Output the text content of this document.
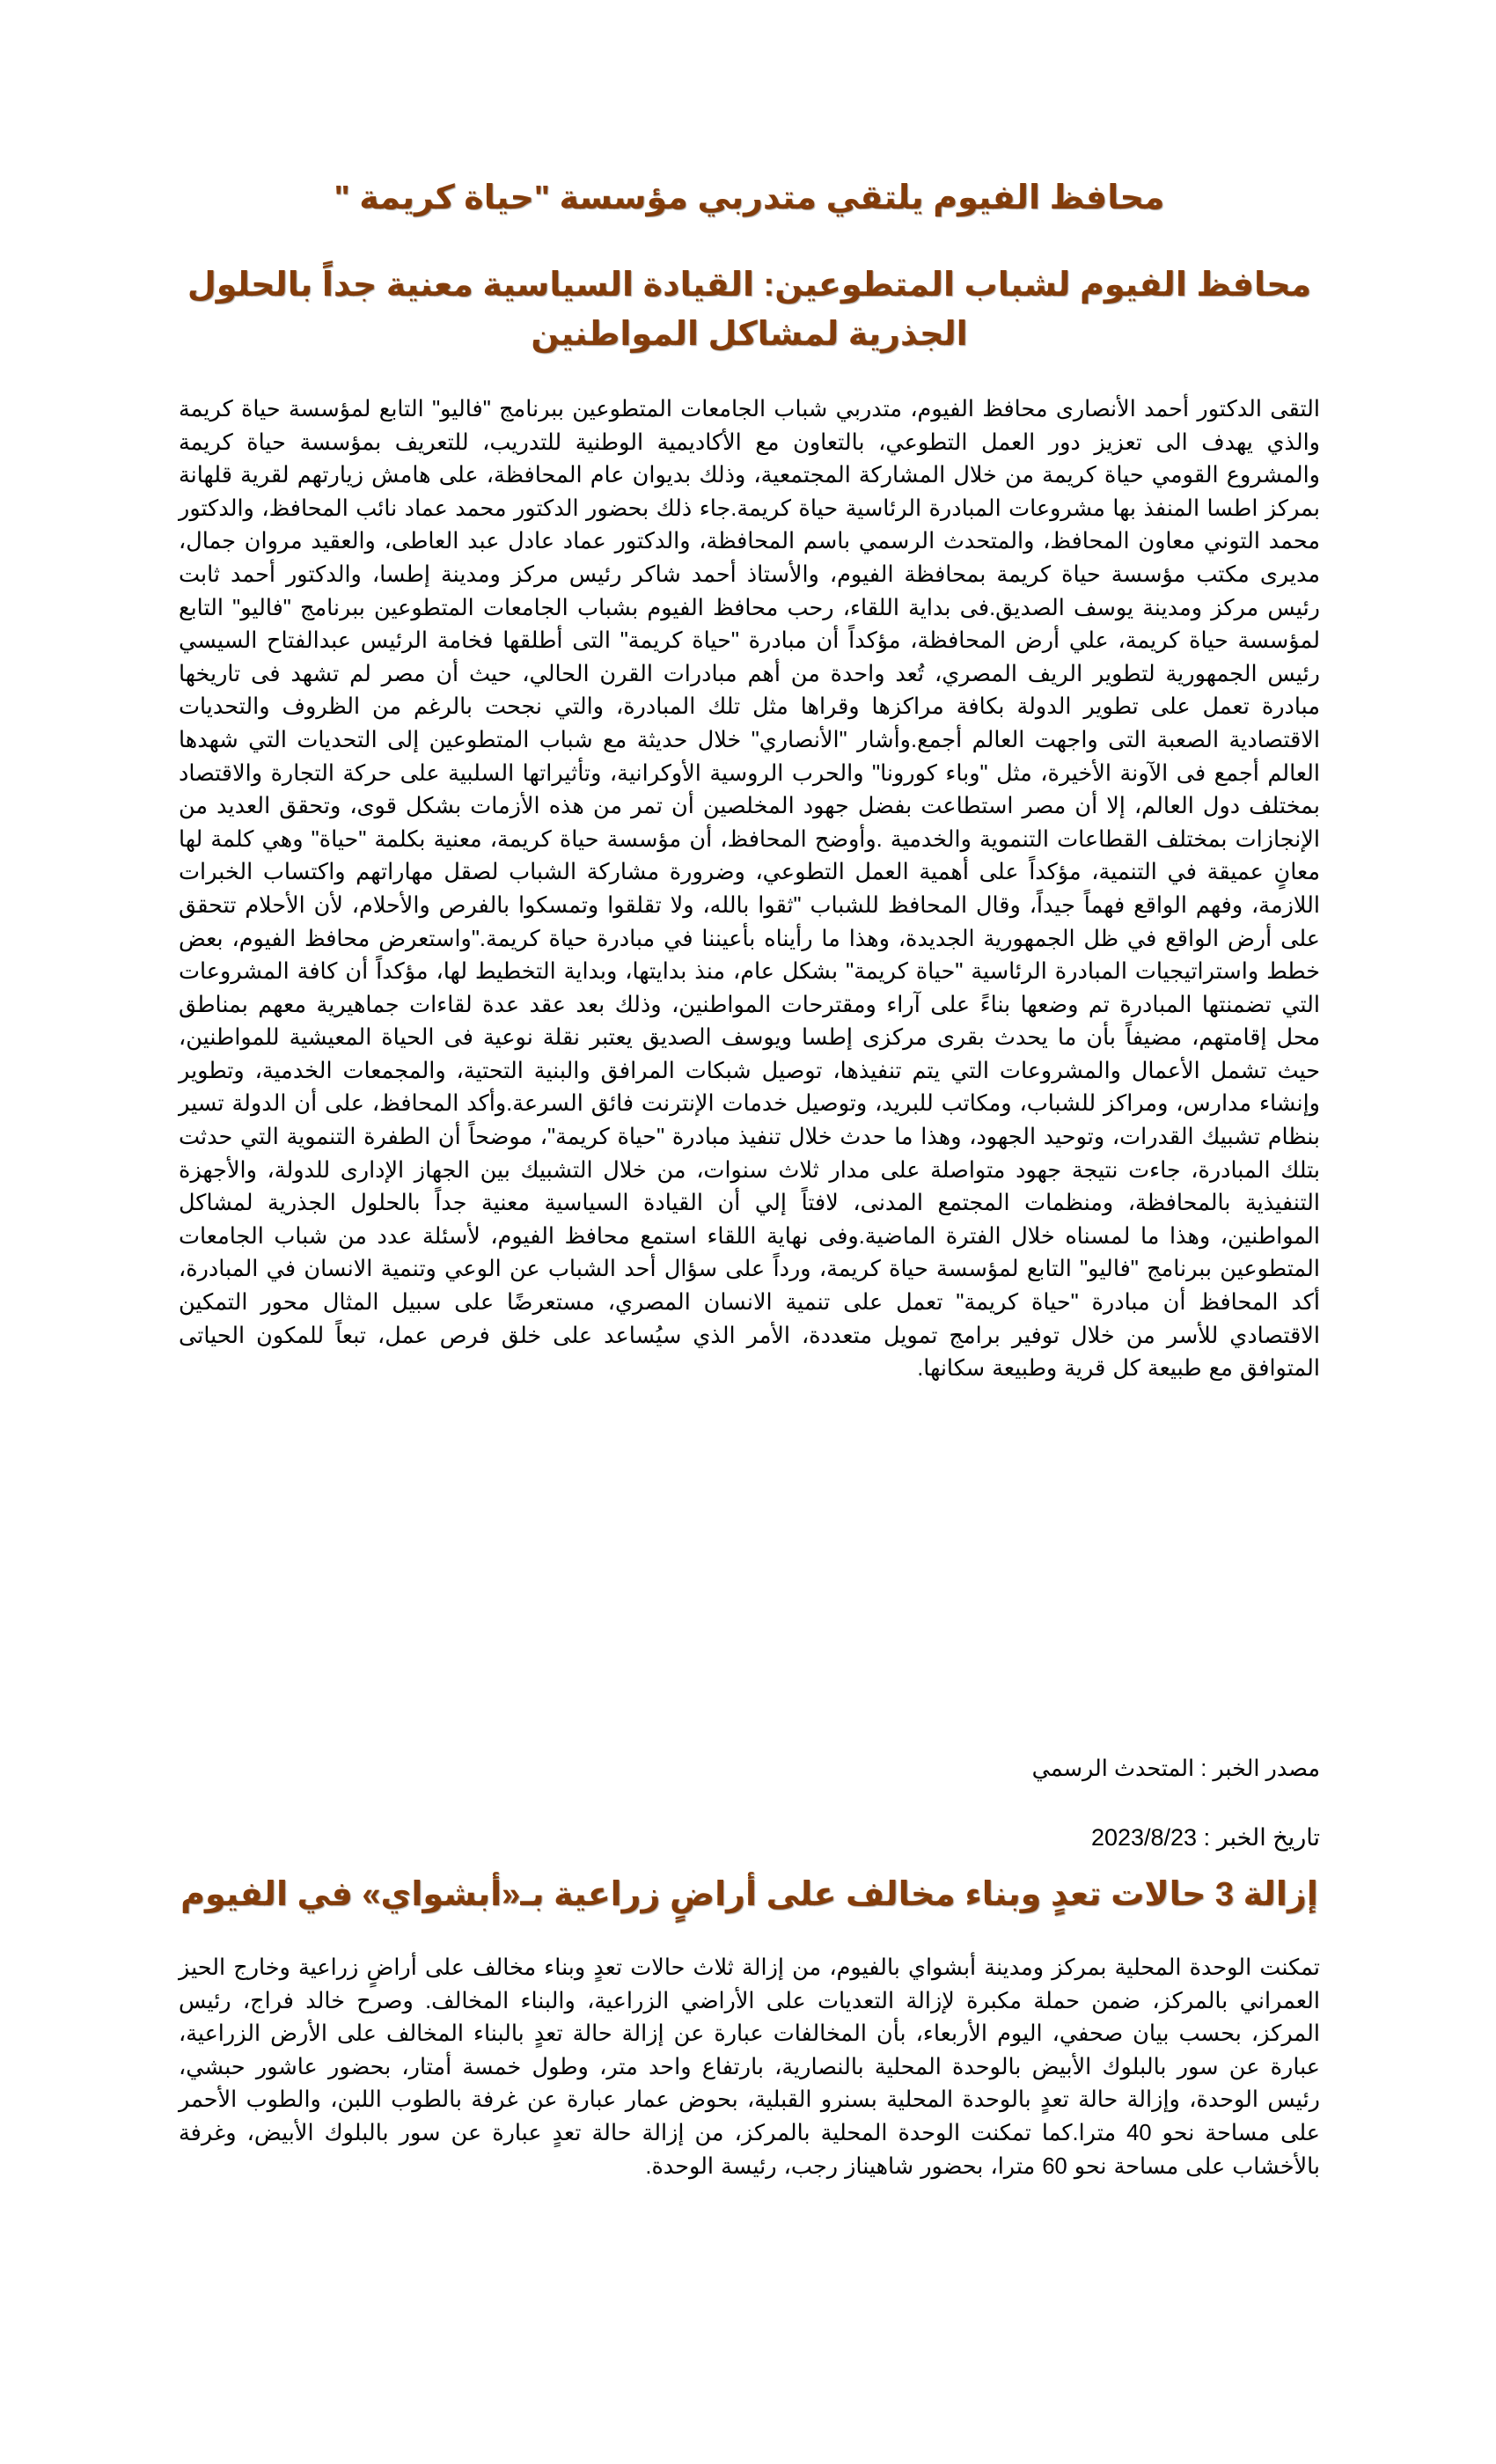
محافظ الفيوم يلتقي متدربي مؤسسة "حياة كريمة "
محافظ الفيوم لشباب المتطوعين: القيادة السياسية معنية جداً بالحلول الجذرية لمشاكل المواطنين

التقى الدكتور أحمد الأنصارى محافظ الفيوم، متدربي شباب الجامعات المتطوعين ببرنامج "فاليو" التابع لمؤسسة حياة كريمة والذي يهدف الى تعزيز دور العمل التطوعي، بالتعاون مع الأكاديمية الوطنية للتدريب، للتعريف بمؤسسة حياة كريمة والمشروع القومي حياة كريمة من خلال المشاركة المجتمعية، وذلك بديوان عام المحافظة، على هامش زيارتهم لقرية قلهانة بمركز اطسا المنفذ بها مشروعات المبادرة الرئاسية حياة كريمة.جاء ذلك بحضور الدكتور محمد عماد نائب المحافظ، والدكتور محمد التوني معاون المحافظ، والمتحدث الرسمي باسم المحافظة، والدكتور عماد عادل عبد العاطى، والعقيد مروان جمال، مديرى مكتب مؤسسة حياة كريمة بمحافظة الفيوم، والأستاذ أحمد شاكر رئيس مركز ومدينة إطسا، والدكتور أحمد ثابت رئيس مركز ومدينة يوسف الصديق.فى بداية اللقاء، رحب محافظ الفيوم بشباب الجامعات المتطوعين ببرنامج "فاليو" التابع لمؤسسة حياة كريمة، علي أرض المحافظة، مؤكداً أن مبادرة "حياة كريمة" التى أطلقها فخامة الرئيس عبدالفتاح السيسي رئيس الجمهورية لتطوير الريف المصري، تُعد واحدة من أهم مبادرات القرن الحالي، حيث أن مصر لم تشهد فى تاريخها مبادرة تعمل على تطوير الدولة بكافة مراكزها وقراها مثل تلك المبادرة، والتي نجحت بالرغم من الظروف والتحديات الاقتصادية الصعبة التى واجهت العالم أجمع.وأشار "الأنصاري" خلال حديثة مع شباب المتطوعين إلى التحديات التي شهدها العالم أجمع فى الآونة الأخيرة، مثل "وباء كورونا" والحرب الروسية الأوكرانية، وتأثيراتها السلبية على حركة التجارة والاقتصاد بمختلف دول العالم، إلا أن مصر استطاعت بفضل جهود المخلصين أن تمر من هذه الأزمات بشكل قوى، وتحقق العديد من الإنجازات بمختلف القطاعات التنموية والخدمية .وأوضح المحافظ، أن مؤسسة حياة كريمة، معنية بكلمة "حياة" وهي كلمة لها معانٍ عميقة في التنمية، مؤكداً على أهمية العمل التطوعي، وضرورة مشاركة الشباب لصقل مهاراتهم واكتساب الخبرات اللازمة، وفهم الواقع فهماً جيداً، وقال المحافظ للشباب "ثقوا بالله، ولا تقلقوا وتمسكوا بالفرص والأحلام، لأن الأحلام تتحقق على أرض الواقع في ظل الجمهورية الجديدة، وهذا ما رأيناه بأعيننا في مبادرة حياة كريمة."واستعرض محافظ الفيوم، بعض خطط واستراتيجيات المبادرة الرئاسية "حياة كريمة" بشكل عام، منذ بدايتها، وبداية التخطيط لها، مؤكداً أن كافة المشروعات التي تضمنتها المبادرة تم وضعها بناءً على آراء ومقترحات المواطنين، وذلك بعد عقد عدة لقاءات جماهيرية معهم بمناطق محل إقامتهم، مضيفاً بأن ما يحدث بقرى مركزى إطسا ويوسف الصديق يعتبر نقلة نوعية فى الحياة المعيشية للمواطنين، حيث تشمل الأعمال والمشروعات التي يتم تنفيذها، توصيل شبكات المرافق والبنية التحتية، والمجمعات الخدمية، وتطوير وإنشاء مدارس، ومراكز للشباب، ومكاتب للبريد، وتوصيل خدمات الإنترنت فائق السرعة.وأكد المحافظ، على أن الدولة تسير بنظام تشبيك القدرات، وتوحيد الجهود، وهذا ما حدث خلال تنفيذ مبادرة "حياة كريمة"، موضحاً أن الطفرة التنموية التي حدثت بتلك المبادرة، جاءت نتيجة جهود متواصلة على مدار ثلاث سنوات، من خلال التشبيك بين الجهاز الإدارى للدولة، والأجهزة التنفيذية بالمحافظة، ومنظمات المجتمع المدنى، لافتاً إلي أن القيادة السياسية معنية جداً بالحلول الجذرية لمشاكل المواطنين، وهذا ما لمسناه خلال الفترة الماضية.وفى نهاية اللقاء استمع محافظ الفيوم، لأسئلة عدد من شباب الجامعات المتطوعين ببرنامج "فاليو" التابع لمؤسسة حياة كريمة، ورداً على سؤال أحد الشباب عن الوعي وتنمية الانسان في المبادرة، أكد المحافظ أن مبادرة "حياة كريمة" تعمل على تنمية الانسان المصري، مستعرضًا على سبيل المثال محور التمكين الاقتصادي للأسر من خلال توفير برامج تمويل متعددة، الأمر الذي سيُساعد على خلق فرص عمل، تبعاً للمكون الحياتى المتوافق مع طبيعة كل قرية وطبيعة سكانها.

مصدر الخبر : المتحدث الرسمي
تاريخ الخبر : 2023/8/23
إزالة 3 حالات تعدٍ وبناء مخالف على أراضٍ زراعية بـ«أبشواي» في الفيوم

تمكنت الوحدة المحلية بمركز ومدينة أبشواي بالفيوم، من إزالة ثلاث حالات تعدٍ وبناء مخالف على أراضٍ زراعية وخارج الحيز العمراني بالمركز، ضمن حملة مكبرة لإزالة التعديات على الأراضي الزراعية، والبناء المخالف. وصرح خالد فراج، رئيس المركز، بحسب بيان صحفي، اليوم الأربعاء، بأن المخالفات عبارة عن إزالة حالة تعدٍ بالبناء المخالف على الأرض الزراعية، عبارة عن سور بالبلوك الأبيض بالوحدة المحلية بالنصارية، بارتفاع واحد متر، وطول خمسة أمتار، بحضور عاشور حبشي، رئيس الوحدة، وإزالة حالة تعدٍ بالوحدة المحلية بسنرو القبلية، بحوض عمار عبارة عن غرفة بالطوب اللبن، والطوب الأحمر على مساحة نحو 40 مترا.كما تمكنت الوحدة المحلية بالمركز، من إزالة حالة تعدٍ عبارة عن سور بالبلوك الأبيض، وغرفة بالأخشاب على مساحة نحو 60 مترا، بحضور شاهيناز رجب، رئيسة الوحدة.
